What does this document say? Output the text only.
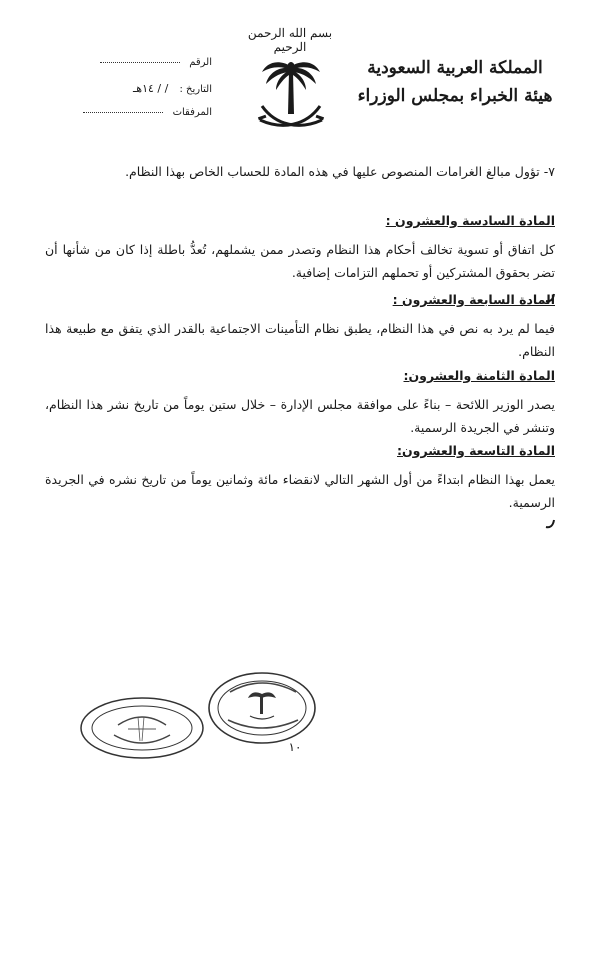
بسم الله الرحمن الرحيم
المملكة العربية السعودية
هيئة الخبراء بمجلس الوزراء
الرقم
التاريخ : / / ١٤هـ
المرفقات
٧- تؤول مبالغ الغرامات المنصوص عليها في هذه المادة للحساب الخاص بهذا النظام.
المادة السادسة والعشرون :
كل اتفاق أو تسوية تخالف أحكام هذا النظام وتصدر ممن يشملهم، تُعدُّ باطلة إذا كان من شأنها أن تضر بحقوق المشتركين أو تحملهم التزامات إضافية.
المادة السابعة والعشرون :
فيما لم يرد به نص في هذا النظام، يطبق نظام التأمينات الاجتماعية بالقدر الذي يتفق مع طبيعة هذا النظام.
المادة الثامنة والعشرون:
يصدر الوزير اللائحة – بناءً على موافقة مجلس الإدارة – خلال ستين يوماً من تاريخ نشر هذا النظام، وتنشر في الجريدة الرسمية.
المادة التاسعة والعشرون:
يعمل بهذا النظام ابتداءً من أول الشهر التالي لانقضاء مائة وثمانين يوماً من تاريخ نشره في الجريدة الرسمية.
١٠
